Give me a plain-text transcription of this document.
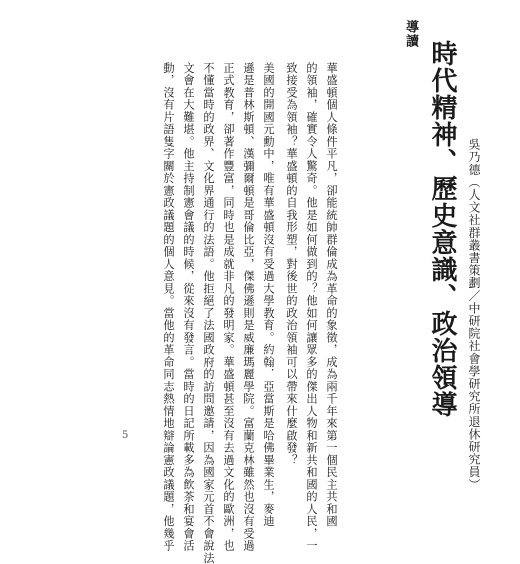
導讀
時代精神、歷史意識、政治領導 吳乃德（人文社群叢書策劃／中研院社會學研究所退休研究員）
華盛頓個人條件平凡，卻能統帥群倫成為革命的象徵，成為兩千年來第一個民主共和國
的領袖，確實令人驚奇。他是如何做到的？他如何讓眾多的傑出人物和新共和國的人民，一
致接受為領袖？華盛頓的自我形塑，對後世的政治領袖可以帶來什麼啟發？
美國的開國元勳中，唯有華盛頓沒有受過大學教育。約翰．亞當斯是哈佛畢業生，麥迪
遜是普林斯頓、漢彌爾頓是哥倫比亞，傑佛遜則是威廉瑪麗學院。富蘭克林雖然也沒有受過
正式教育，卻著作豐富，同時也是成就非凡的發明家。華盛頓甚至沒有去過文化的歐洲，也
不懂當時的政界、文化界通行的法語。他拒絕了法國政府的訪問邀請，因為國家元首不會說法
文會在大難堪。他主持制憲會議的時候，從來沒有發言。當時的日記所載多為飲茶和宴會活
動，沒有片語隻字關於憲政議題的個人意見。當他的革命同志熱情地辯論憲政議題，他幾乎
5
